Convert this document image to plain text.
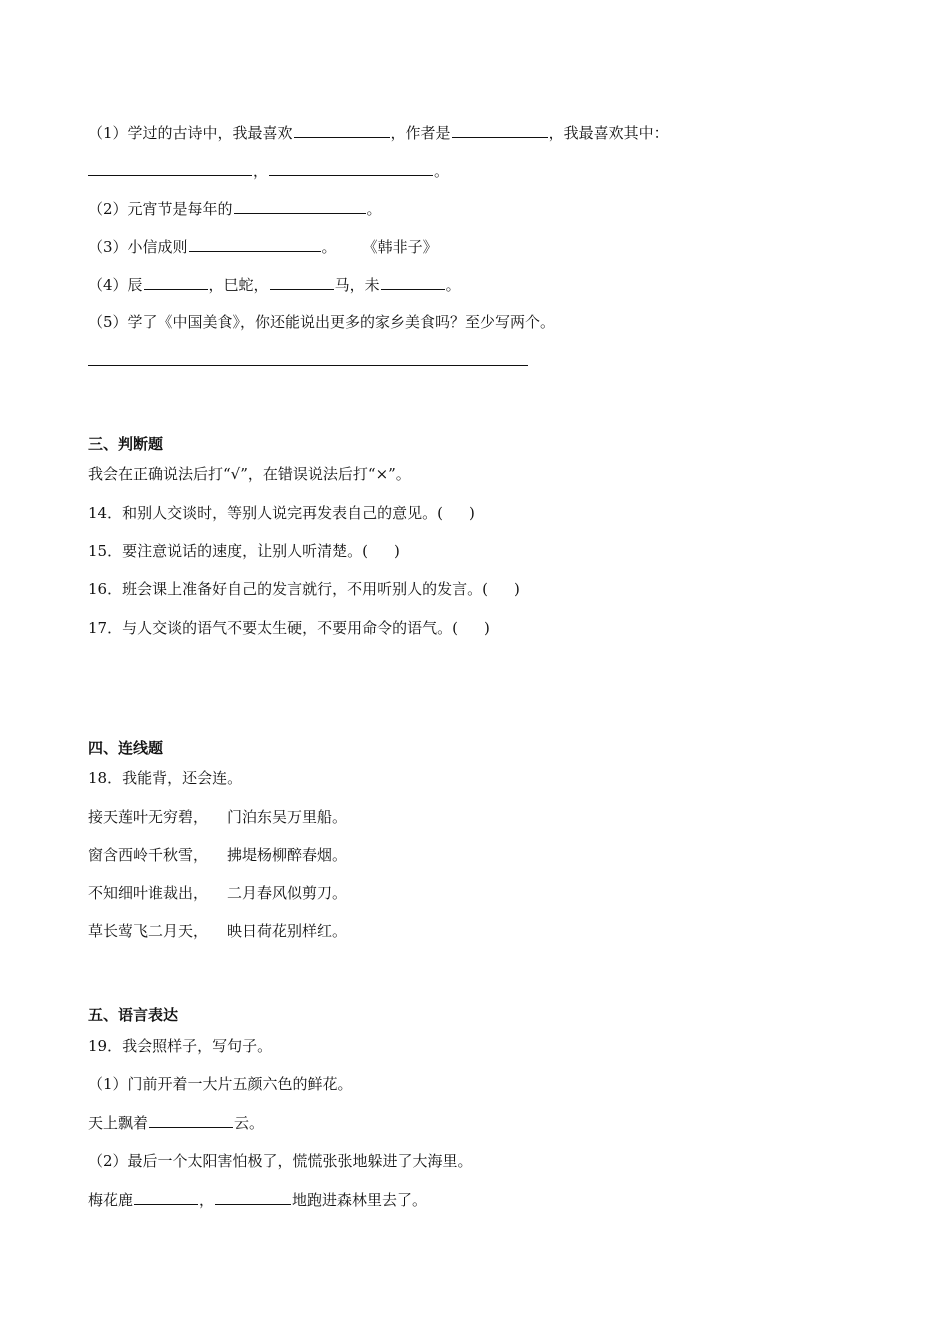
（1）学过的古诗中，我最喜欢	，作者是	，我最喜欢其中：
，	。
（2）元宵节是每年的	。
（3）小信成则	。 《韩非子》
（4）辰	，巳蛇，	马，未	。
（5）学了《中国美食》，你还能说出更多的家乡美食吗？至少写两个。
三、判断题
我会在正确说法后打“√”，在错误说法后打“×”。
14．和别人交谈时，等别人说完再发表自己的意见。( )
15．要注意说话的速度，让别人听清楚。( )
16．班会课上准备好自己的发言就行，不用听别人的发言。( )
17．与人交谈的语气不要太生硬，不要用命令的语气。( )
四、连线题
18．我能背，还会连。
接天莲叶无穷碧， 门泊东吴万里船。
窗含西岭千秋雪， 拂堤杨柳醉春烟。
不知细叶谁裁出， 二月春风似剪刀。
草长莺飞二月天， 映日荷花别样红。
五、语言表达
19．我会照样子，写句子。
（1）门前开着一大片五颜六色的鲜花。
天上飘着	云。
（2）最后一个太阳害怕极了，慌慌张张地躲进了大海里。
梅花鹿	，	地跑进森林里去了。
